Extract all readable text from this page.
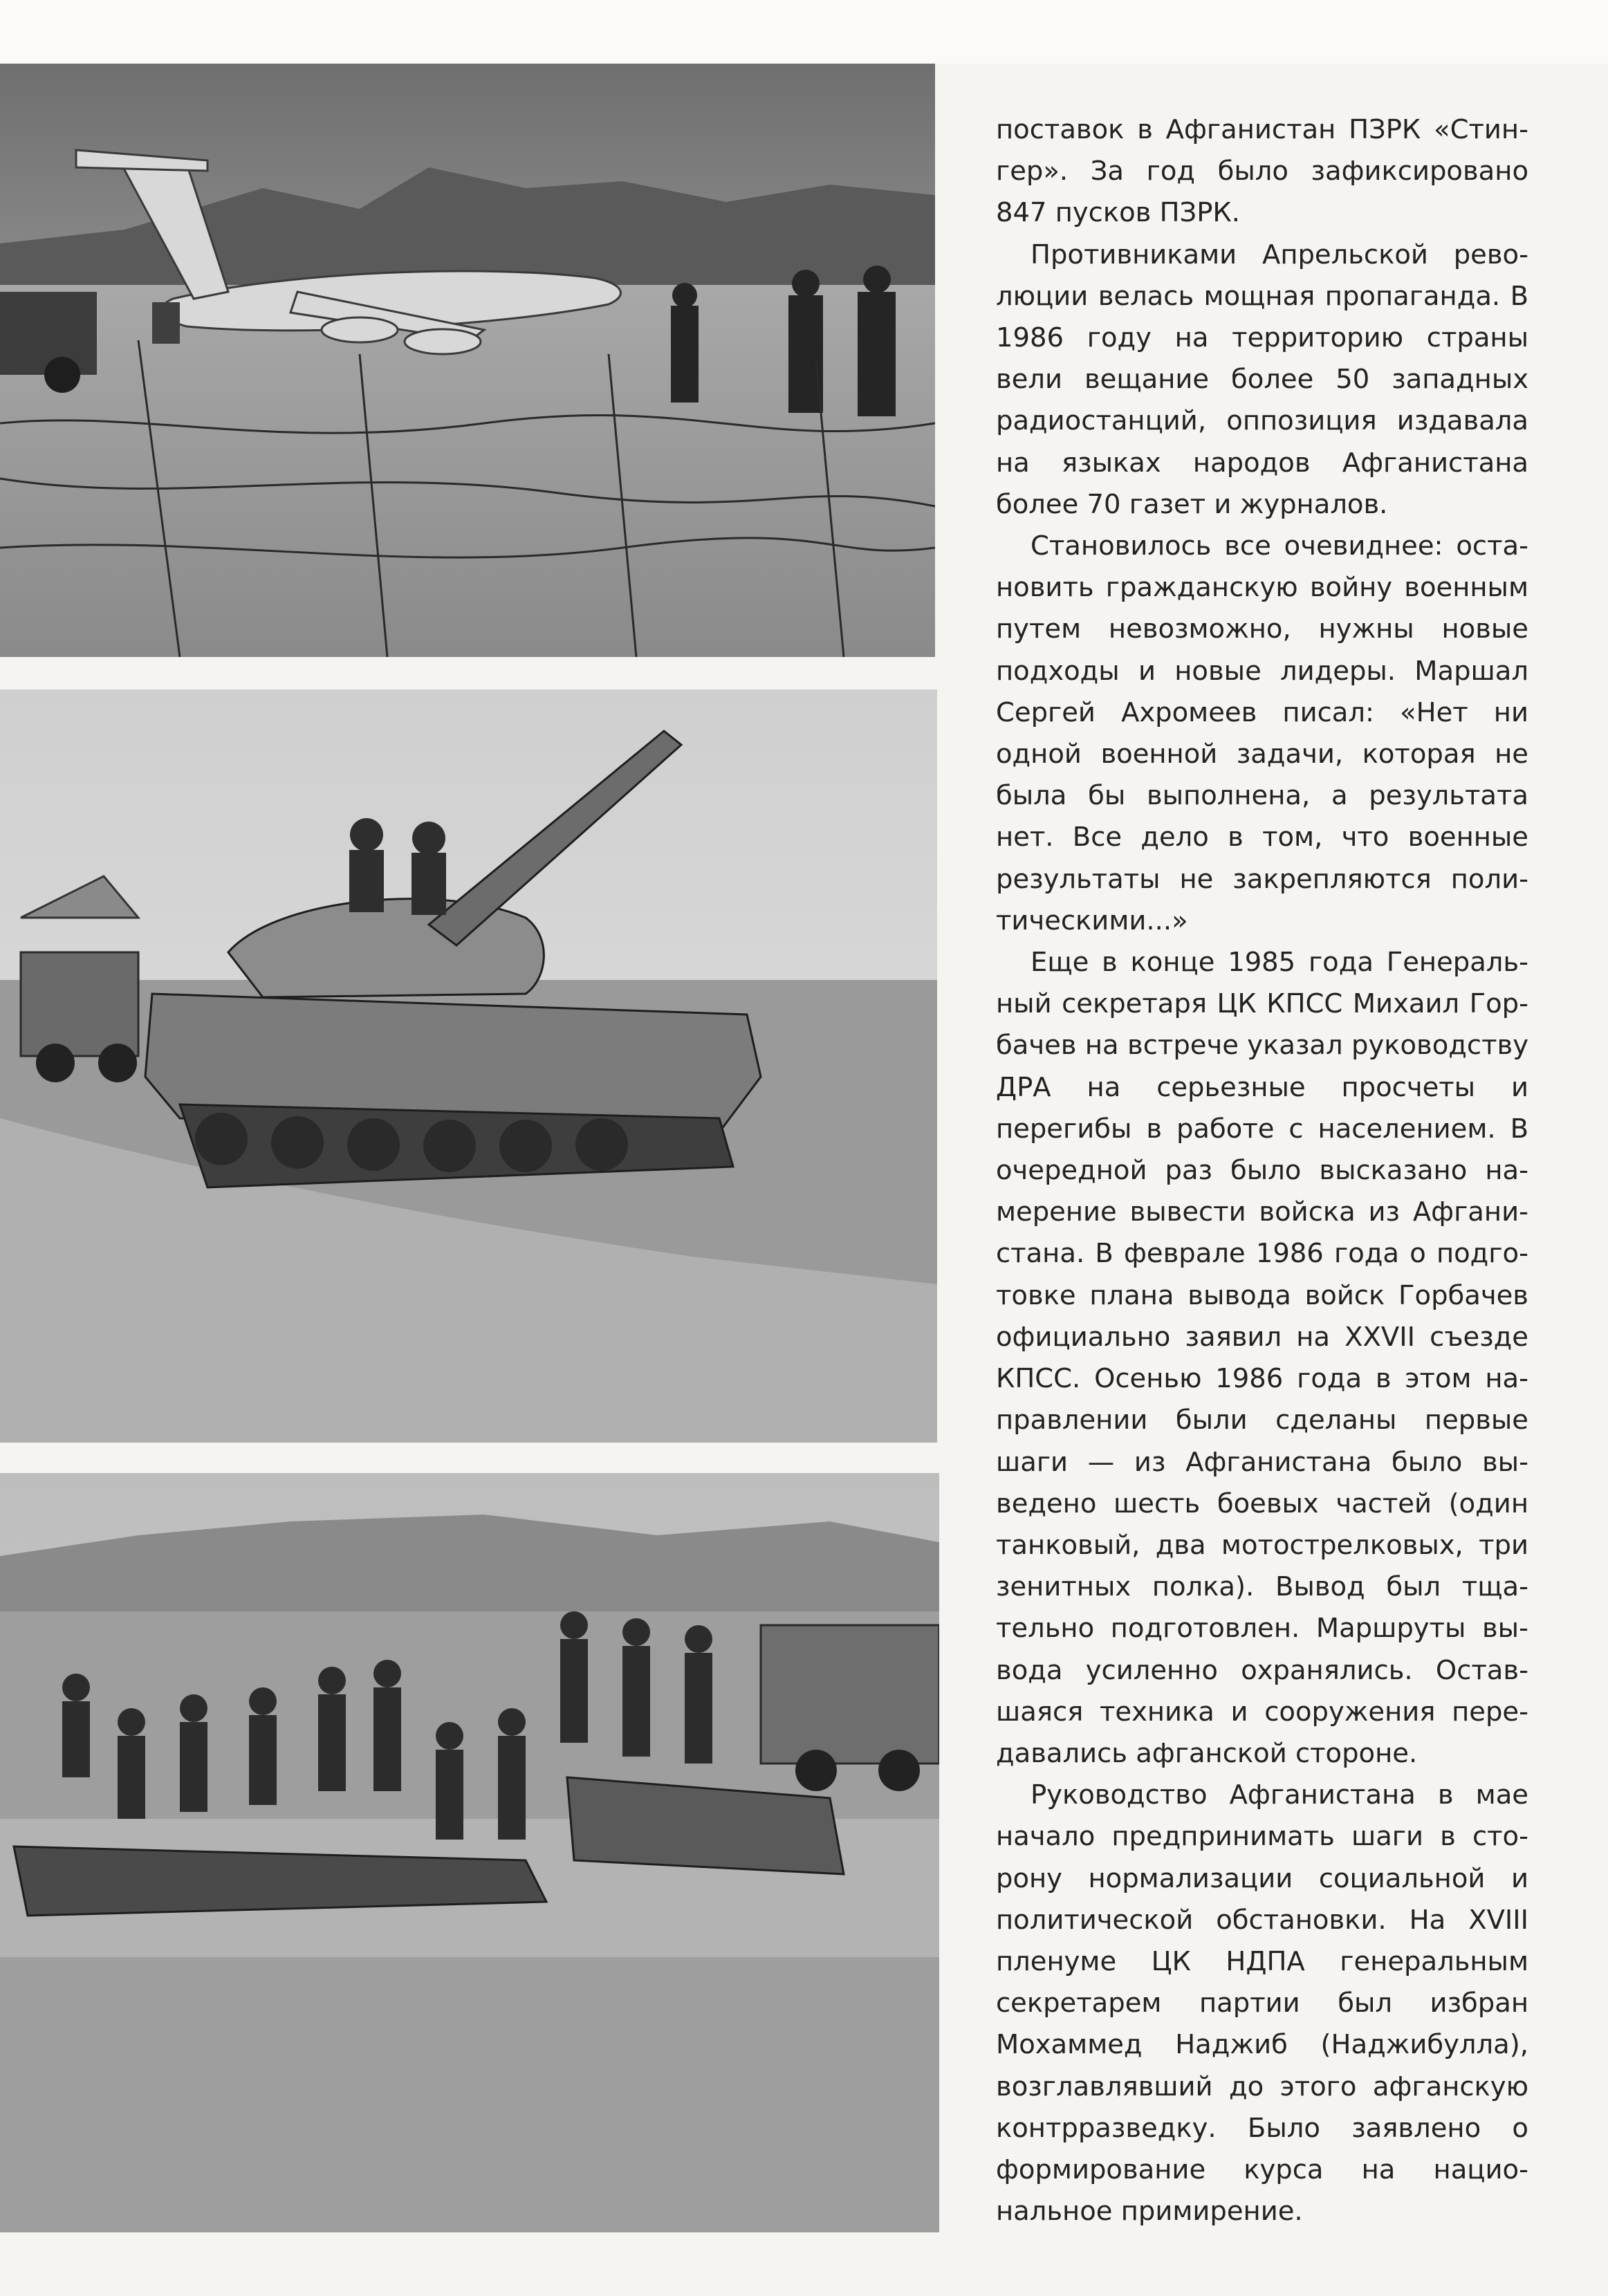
поставок в Афганистан ПЗРК «Стингер». За год было зафиксировано 847 пусков ПЗРК.

Противниками Апрельской революции велась мощная пропаганда. В 1986 году на территорию страны вели вещание более 50 западных радиостанций, оппозиция издавала на языках народов Афганистана более 70 газет и журналов.

Становилось все очевиднее: остановить гражданскую войну военным путем невозможно, нужны новые подходы и новые лидеры. Маршал Сергей Ахромеев писал: «Нет ни одной военной задачи, которая не была бы выполнена, а результата нет. Все дело в том, что военные результаты не закрепляются политическими...»

Еще в конце 1985 года Генеральный секретаря ЦК КПСС Михаил Горбачев на встрече указал руководству ДРА на серьезные просчеты и перегибы в работе с населением. В очередной раз было высказано намерение вывести войска из Афганистана. В феврале 1986 года о подготовке плана вывода войск Горбачев официально заявил на XXVII съезде КПСС. Осенью 1986 года в этом направлении были сделаны первые шаги — из Афганистана было выведено шесть боевых частей (один танковый, два мотострелковых, три зенитных полка). Вывод был тщательно подготовлен. Маршруты вывода усиленно охранялись. Оставшаяся техника и сооружения передавались афганской стороне.

Руководство Афганистана в мае начало предпринимать шаги в сторону нормализации социальной и политической обстановки. На XVIII пленуме ЦК НДПА генеральным секретарем партии был избран Мохаммед Наджиб (Наджибулла), возглавлявший до этого афганскую контрразведку. Было заявлено о формирование курса на национальное примирение.
